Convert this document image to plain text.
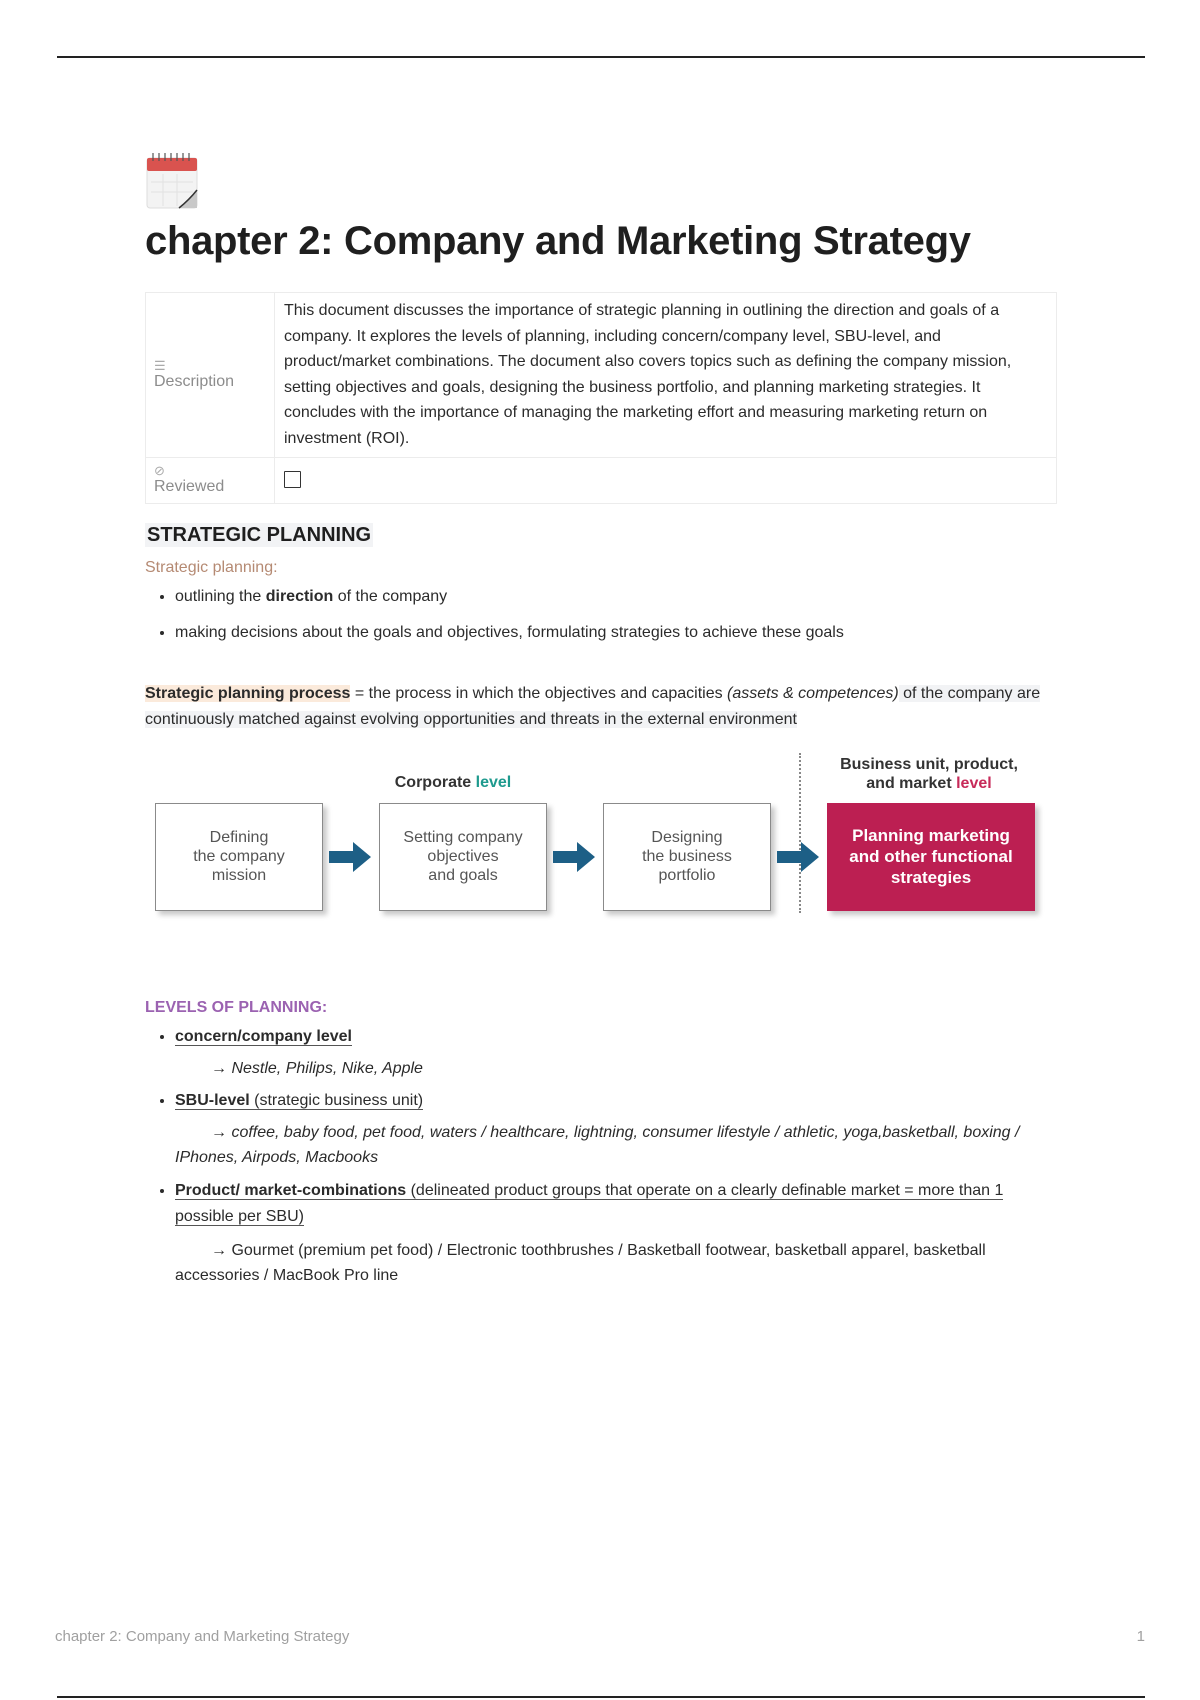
chapter 2: Company and Marketing Strategy
☰
Description	This document discusses the importance of strategic planning in outlining the direction and goals of a company. It explores the levels of planning, including concern/company level, SBU-level, and product/market combinations. The document also covers topics such as defining the company mission, setting objectives and goals, designing the business portfolio, and planning marketing strategies. It concludes with the importance of managing the marketing effort and measuring marketing return on investment (ROI).

⊘
Reviewed	
STRATEGIC PLANNING
Strategic planning:
• outlining the direction of the company
• making decisions about the goals and objectives, formulating strategies to achieve these goals
Strategic planning process = the process in which the objectives and capacities (assets & competences) of the company are continuously matched against evolving opportunities and threats in the external environment
Corporate level
Business unit, product,
and market level
Defining
the company
mission
Setting company
objectives
and goals
Designing
the business
portfolio
Planning marketing
and other functional
strategies
LEVELS OF PLANNING:
• concern/company level
→ Nestle, Philips, Nike, Apple
• SBU-level (strategic business unit)
→ coffee, baby food, pet food, waters / healthcare, lightning, consumer lifestyle / athletic, yoga,basketball, boxing / IPhones, Airpods, Macbooks
• Product/ market-combinations (delineated product groups that operate on a clearly definable market = more than 1 possible per SBU)
→ Gourmet (premium pet food) / Electronic toothbrushes / Basketball footwear, basketball apparel, basketball accessories / MacBook Pro line
chapter 2: Company and Marketing Strategy	1
